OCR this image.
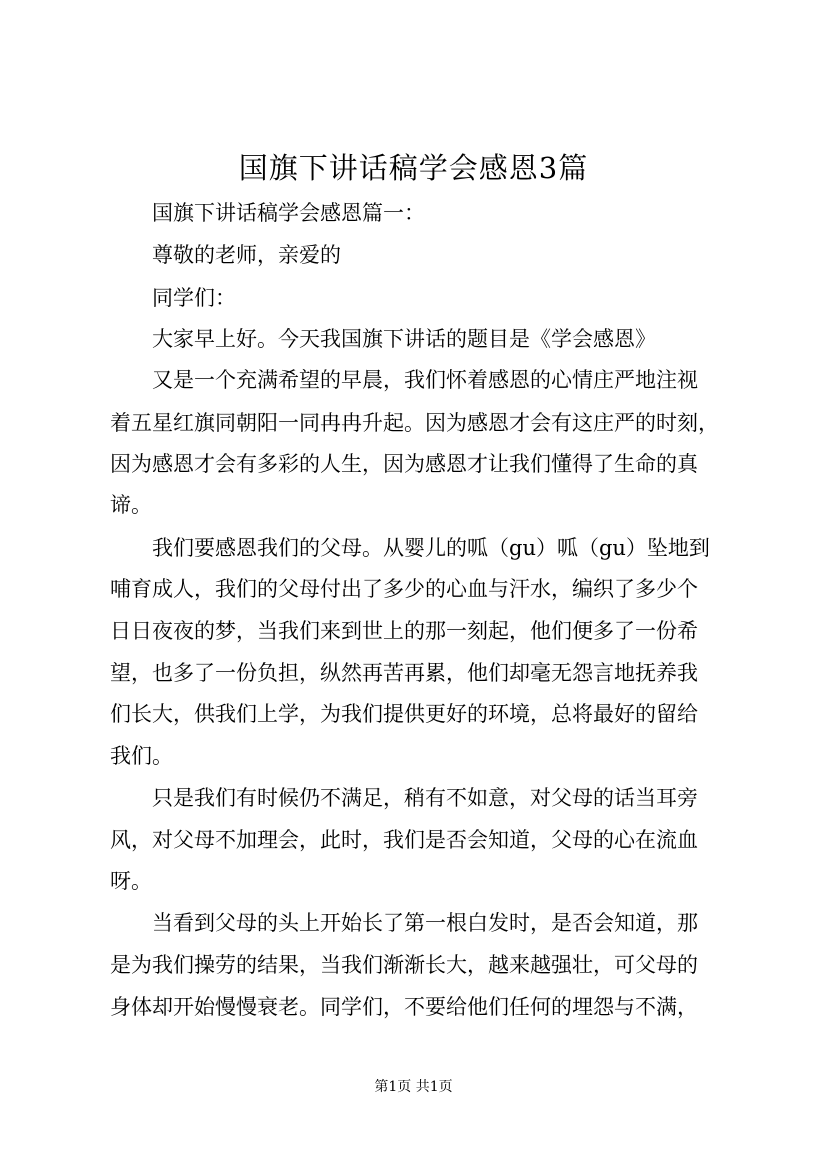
国旗下讲话稿学会感恩3篇
国旗下讲话稿学会感恩篇一：
尊敬的老师，亲爱的
同学们：
大家早上好。今天我国旗下讲话的题目是《学会感恩》
又是一个充满希望的早晨，我们怀着感恩的心情庄严地注视
着五星红旗同朝阳一同冉冉升起。因为感恩才会有这庄严的时刻，
因为感恩才会有多彩的人生，因为感恩才让我们懂得了生命的真
谛。
我们要感恩我们的父母。从婴儿的呱（gu）呱（gu）坠地到
哺育成人，我们的父母付出了多少的心血与汗水，编织了多少个
日日夜夜的梦，当我们来到世上的那一刻起，他们便多了一份希
望，也多了一份负担，纵然再苦再累，他们却毫无怨言地抚养我
们长大，供我们上学，为我们提供更好的环境，总将最好的留给
我们。
只是我们有时候仍不满足，稍有不如意，对父母的话当耳旁
风，对父母不加理会，此时，我们是否会知道，父母的心在流血
呀。
当看到父母的头上开始长了第一根白发时，是否会知道，那
是为我们操劳的结果，当我们渐渐长大，越来越强壮，可父母的
身体却开始慢慢衰老。同学们，不要给他们任何的埋怨与不满，
第1页 共1页
